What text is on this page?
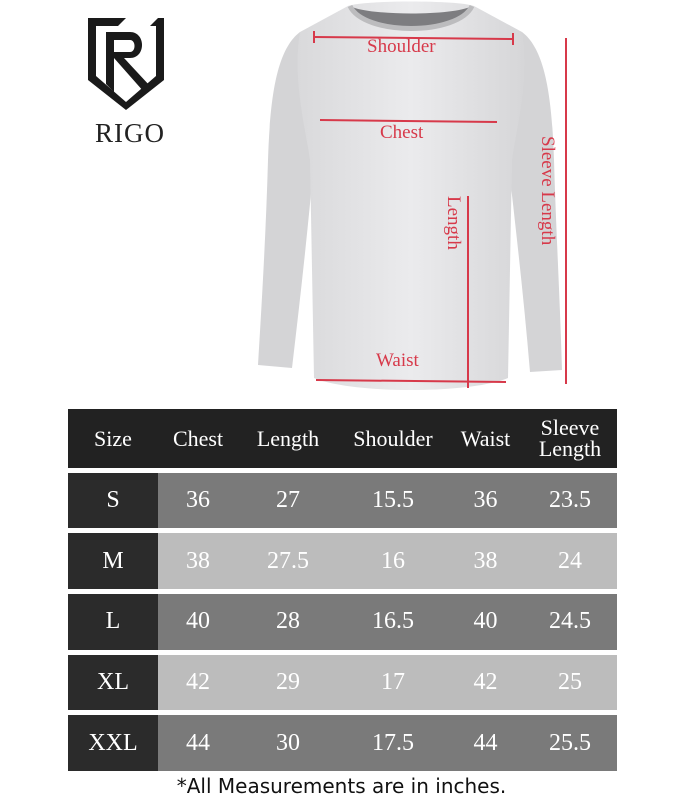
RIGO
Shoulder
Chest
Length	Sleeve Length
Waist
Size	Chest	Length	Shoulder	Waist	Sleeve
Length

S	36	27	15.5	36	23.5

M	38	27.5	16	38	24

L	40	28	16.5	40	24.5

XL	42	29	17	42	25

XXL	44	30	17.5	44	25.5
*All Measurements are in inches.
